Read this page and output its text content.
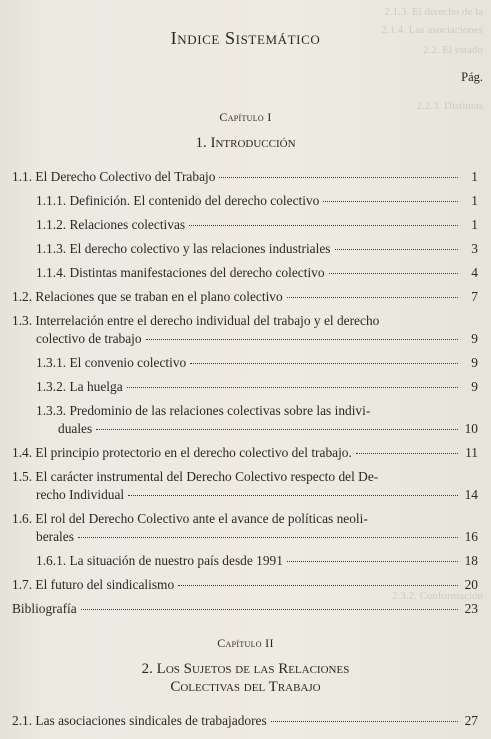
2.1.3. El derecho de la
2.1.4. Las asociaciones
2.2. El estado
2.2.3. Distintas
2.3.2. Conformación
Indice Sistemático
Pág.
Capítulo I
1. Introducción
1.1. El Derecho Colectivo del Trabajo	1
1.1.1. Definición. El contenido del derecho colectivo	1
1.1.2. Relaciones colectivas	1
1.1.3. El derecho colectivo y las relaciones industriales	3
1.1.4. Distintas manifestaciones del derecho colectivo	4
1.2. Relaciones que se traban en el plano colectivo	7
1.3. Interrelación entre el derecho individual del trabajo y el derecho
colectivo de trabajo	9
1.3.1. El convenio colectivo	9
1.3.2. La huelga	9
1.3.3. Predominio de las relaciones colectivas sobre las indivi-
duales	10
1.4. El principio protectorio en el derecho colectivo del trabajo.	11
1.5. El carácter instrumental del Derecho Colectivo respecto del De-
recho Individual	14
1.6. El rol del Derecho Colectivo ante el avance de políticas neoli-
berales	16
1.6.1. La situación de nuestro país desde 1991	18
1.7. El futuro del sindicalismo	20
Bibliografía	23
Capítulo II
2. Los Sujetos de las Relaciones
Colectivas del Trabajo
2.1. Las asociaciones sindicales de trabajadores	27
